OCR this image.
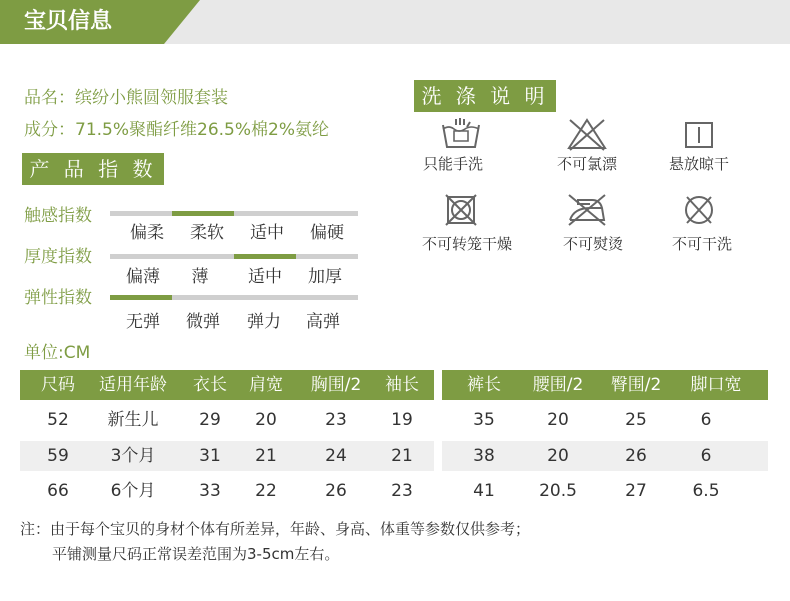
宝贝信息
品名：缤纷小熊圆领服套装
成分：71.5%聚酯纤维26.5%棉2%氨纶
产 品 指 数
触感指数
偏柔	柔软	适中	偏硬
厚度指数
偏薄	薄	适中	加厚
弹性指数
无弹	微弹	弹力	高弹
洗 涤 说 明
只能手洗	不可氯漂	悬放晾干
不可转笼干燥	不可熨烫	不可干洗
单位:CM
尺码	适用年龄	衣长	肩宽	胸围/2	袖长	裤长	腰围/2	臀围/2	脚口宽
52	新生儿	29	20	23	19	35	20	25	6
59	3个月	31	21	24	21	38	20	26	6
66	6个月	33	22	26	23	41	20.5	27	6.5
注：由于每个宝贝的身材个体有所差异，年龄、身高、体重等参数仅供参考；
平铺测量尺码正常误差范围为3-5cm左右。
